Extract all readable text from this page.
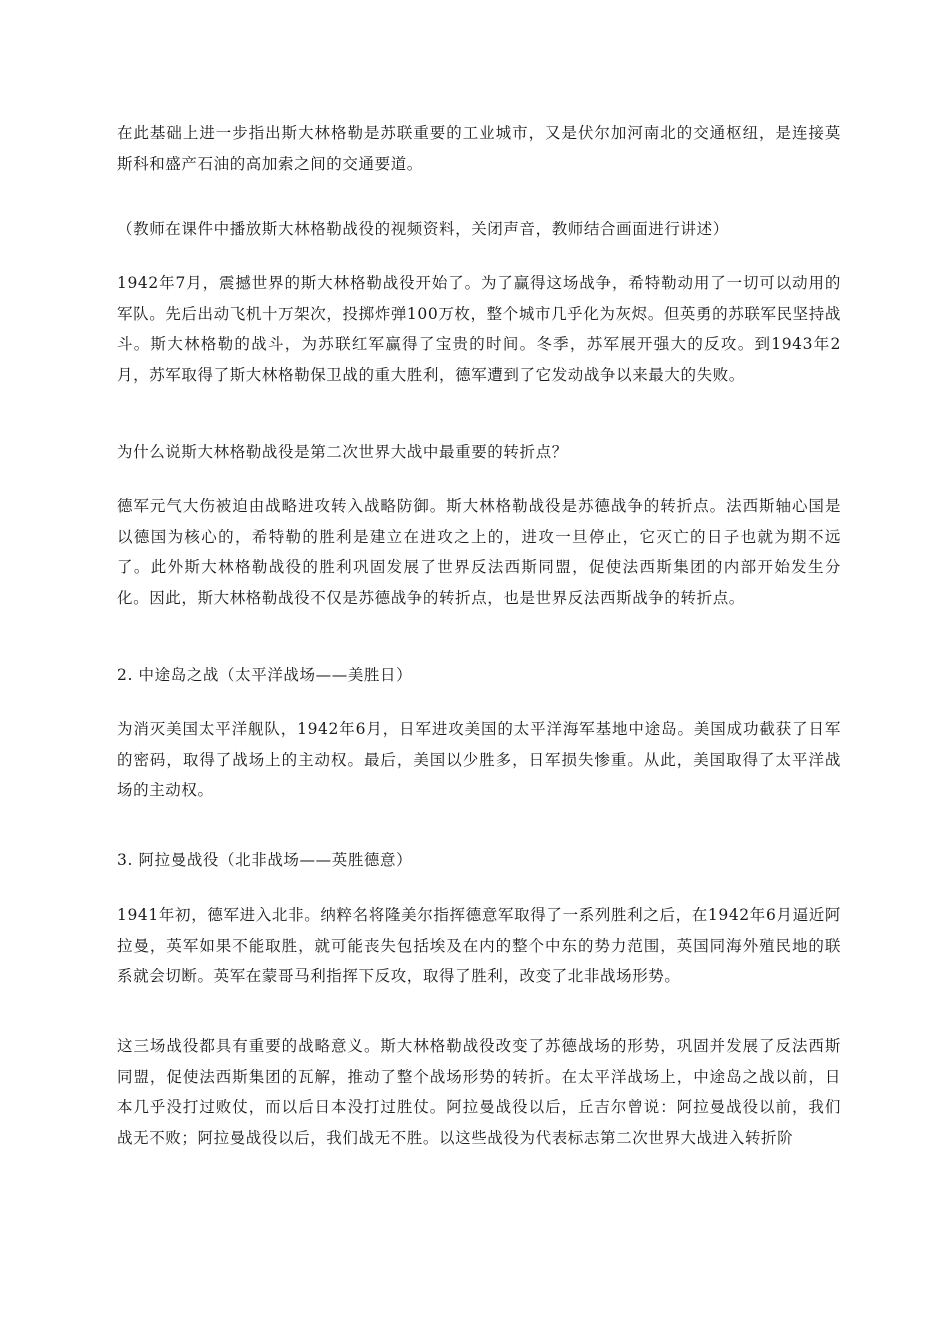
在此基础上进一步指出斯大林格勒是苏联重要的工业城市，又是伏尔加河南北的交通枢纽，是连接莫斯科和盛产石油的高加索之间的交通要道。

（教师在课件中播放斯大林格勒战役的视频资料，关闭声音，教师结合画面进行讲述）

1942年7月，震撼世界的斯大林格勒战役开始了。为了赢得这场战争，希特勒动用了一切可以动用的军队。先后出动飞机十万架次，投掷炸弹100万枚，整个城市几乎化为灰烬。但英勇的苏联军民坚持战斗。斯大林格勒的战斗，为苏联红军赢得了宝贵的时间。冬季，苏军展开强大的反攻。到1943年2月，苏军取得了斯大林格勒保卫战的重大胜利，德军遭到了它发动战争以来最大的失败。

为什么说斯大林格勒战役是第二次世界大战中最重要的转折点？

德军元气大伤被迫由战略进攻转入战略防御。斯大林格勒战役是苏德战争的转折点。法西斯轴心国是以德国为核心的，希特勒的胜利是建立在进攻之上的，进攻一旦停止，它灭亡的日子也就为期不远了。此外斯大林格勒战役的胜利巩固发展了世界反法西斯同盟，促使法西斯集团的内部开始发生分化。因此，斯大林格勒战役不仅是苏德战争的转折点，也是世界反法西斯战争的转折点。

2. 中途岛之战（太平洋战场——美胜日）

为消灭美国太平洋舰队，1942年6月，日军进攻美国的太平洋海军基地中途岛。美国成功截获了日军的密码，取得了战场上的主动权。最后，美国以少胜多，日军损失惨重。从此，美国取得了太平洋战场的主动权。

3. 阿拉曼战役（北非战场——英胜德意）

1941年初，德军进入北非。纳粹名将隆美尔指挥德意军取得了一系列胜利之后，在1942年6月逼近阿拉曼，英军如果不能取胜，就可能丧失包括埃及在内的整个中东的势力范围，英国同海外殖民地的联系就会切断。英军在蒙哥马利指挥下反攻，取得了胜利，改变了北非战场形势。

这三场战役都具有重要的战略意义。斯大林格勒战役改变了苏德战场的形势，巩固并发展了反法西斯同盟，促使法西斯集团的瓦解，推动了整个战场形势的转折。在太平洋战场上，中途岛之战以前，日本几乎没打过败仗，而以后日本没打过胜仗。阿拉曼战役以后，丘吉尔曾说：阿拉曼战役以前，我们战无不败；阿拉曼战役以后，我们战无不胜。以这些战役为代表标志第二次世界大战进入转折阶
